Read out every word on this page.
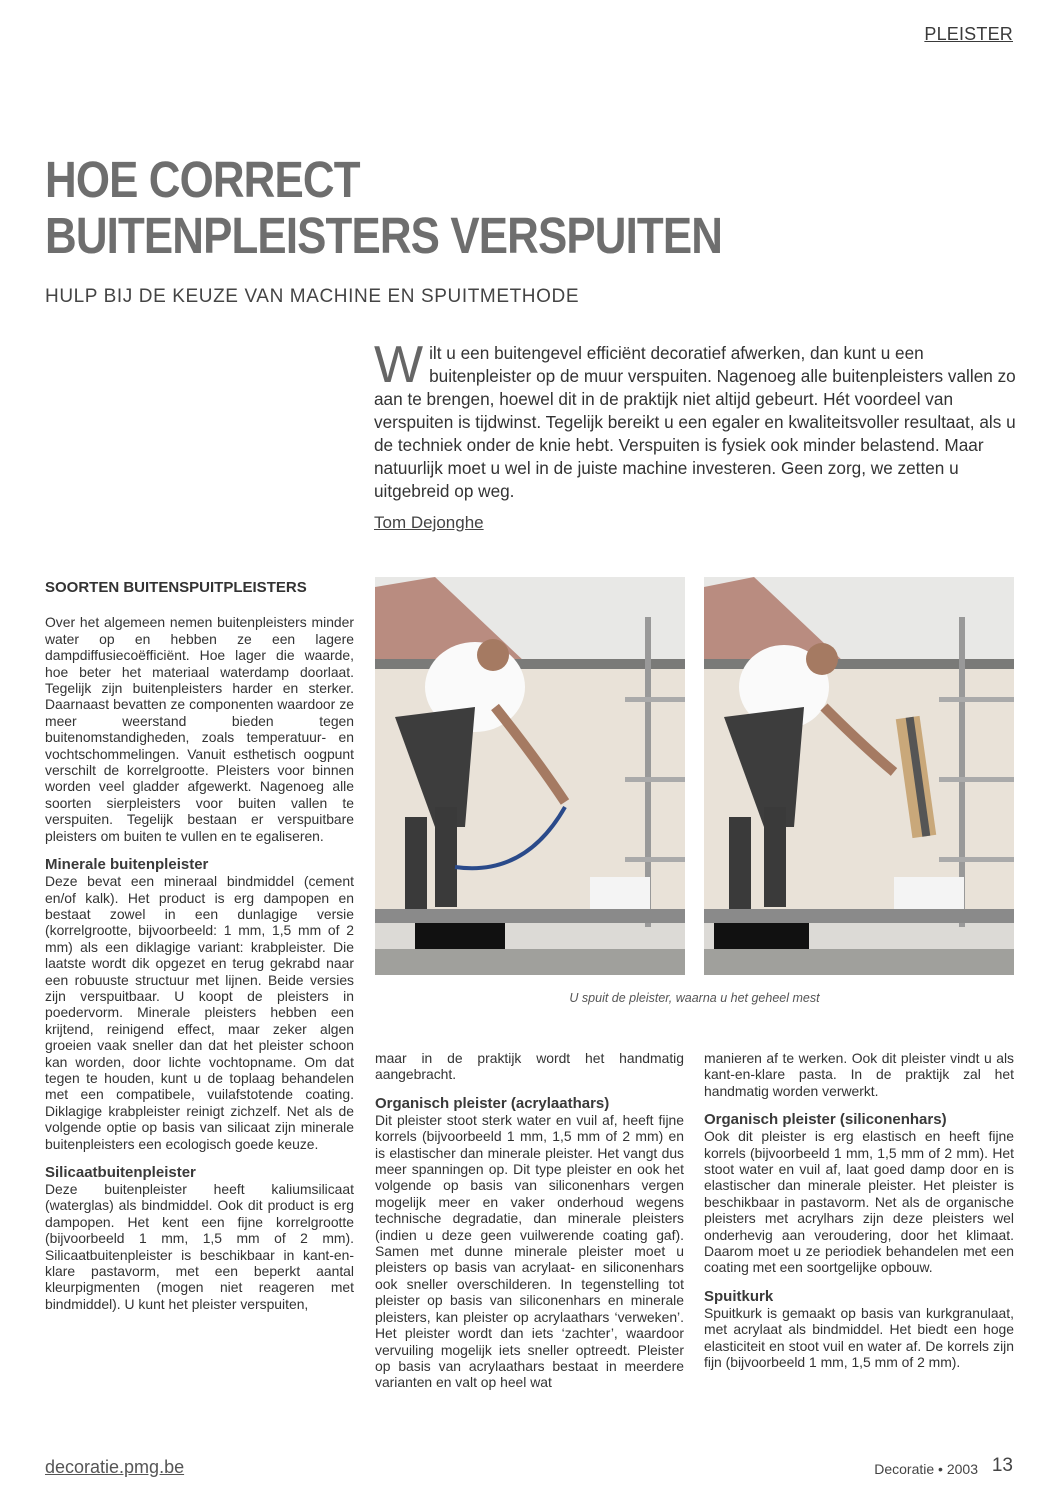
PLEISTER
HOE CORRECT
BUITENPLEISTERS VERSPUITEN
HULP BIJ DE KEUZE VAN MACHINE EN SPUITMETHODE
Wilt u een buitengevel efficiënt decoratief afwerken, dan kunt u een buitenpleister op de muur verspuiten. Nagenoeg alle buitenpleisters vallen zo aan te brengen, hoewel dit in de praktijk niet altijd gebeurt. Hét voordeel van verspuiten is tijdwinst. Tegelijk bereikt u een egaler en kwaliteitsvoller resultaat, als u de techniek onder de knie hebt. Verspuiten is fysiek ook minder belastend. Maar natuurlijk moet u wel in de juiste machine investeren. Geen zorg, we zetten u uitgebreid op weg.
Tom Dejonghe
SOORTEN BUITENSPUITPLEISTERS

Over het algemeen nemen buitenpleisters minder water op en hebben ze een lagere dampdiffusiecoëfficiënt. Hoe lager die waarde, hoe beter het materiaal waterdamp doorlaat. Tegelijk zijn buitenpleisters harder en sterker. Daarnaast bevatten ze componenten waardoor ze meer weerstand bieden tegen buitenomstandigheden, zoals temperatuur- en vochtschommelingen. Vanuit esthetisch oogpunt verschilt de korrelgrootte. Pleisters voor binnen worden veel gladder afgewerkt. Nagenoeg alle soorten sierpleisters voor buiten vallen te verspuiten. Tegelijk bestaan er verspuitbare pleisters om buiten te vullen en te egaliseren.

Minerale buitenpleister

Deze bevat een mineraal bindmiddel (cement en/of kalk). Het product is erg dampopen en bestaat zowel in een dunlagige versie (korrelgrootte, bijvoorbeeld: 1 mm, 1,5 mm of 2 mm) als een diklagige variant: krabpleister. Die laatste wordt dik opgezet en terug gekrabd naar een robuuste structuur met lijnen. Beide versies zijn verspuitbaar. U koopt de pleisters in poedervorm. Minerale pleisters hebben een krijtend, reinigend effect, maar zeker algen groeien vaak sneller dan dat het pleister schoon kan worden, door lichte vochtopname. Om dat tegen te houden, kunt u de toplaag behandelen met een compatibele, vuilafstotende coating. Diklagige krabpleister reinigt zichzelf. Net als de volgende optie op basis van silicaat zijn minerale buitenpleisters een ecologisch goede keuze.

Silicaatbuitenpleister

Deze buitenpleister heeft kaliumsilicaat (waterglas) als bindmiddel. Ook dit product is erg dampopen. Het kent een fijne korrelgrootte (bijvoorbeeld 1 mm, 1,5 mm of 2 mm). Silicaatbuitenpleister is beschikbaar in kant-en-klare pastavorm, met een beperkt aantal kleurpigmenten (mogen niet reageren met bindmiddel). U kunt het pleister verspuiten,

U spuit de pleister, waarna u het geheel mest

maar in de praktijk wordt het handmatig aangebracht.

Organisch pleister (acrylaathars)

Dit pleister stoot sterk water en vuil af, heeft fijne korrels (bijvoorbeeld 1 mm, 1,5 mm of 2 mm) en is elastischer dan minerale pleister. Het vangt dus meer spanningen op. Dit type pleister en ook het volgende op basis van siliconenhars vergen mogelijk meer en vaker onderhoud wegens technische degradatie, dan minerale pleisters (indien u deze geen vuilwerende coating gaf). Samen met dunne minerale pleister moet u pleisters op basis van acrylaat- en siliconenhars ook sneller overschilderen. In tegenstelling tot pleister op basis van siliconenhars en minerale pleisters, kan pleister op acrylaathars ‘verweken’. Het pleister wordt dan iets ‘zachter’, waardoor vervuiling mogelijk iets sneller optreedt. Pleister op basis van acrylaathars bestaat in meerdere varianten en valt op heel wat

manieren af te werken. Ook dit pleister vindt u als kant-en-klare pasta. In de praktijk zal het handmatig worden verwerkt.

Organisch pleister (siliconenhars)

Ook dit pleister is erg elastisch en heeft fijne korrels (bijvoorbeeld 1 mm, 1,5 mm of 2 mm). Het stoot water en vuil af, laat goed damp door en is elastischer dan minerale pleister. Het pleister is beschikbaar in pastavorm. Net als de organische pleisters met acrylhars zijn deze pleisters wel onderhevig aan veroudering, door het klimaat. Daarom moet u ze periodiek behandelen met een coating met een soortgelijke opbouw.

Spuitkurk

Spuitkurk is gemaakt op basis van kurkgranulaat, met acrylaat als bindmiddel. Het biedt een hoge elasticiteit en stoot vuil en water af. De korrels zijn fijn (bijvoorbeeld 1 mm, 1,5 mm of 2 mm).

decoratie.pmg.be	Decoratie • 2003 13
